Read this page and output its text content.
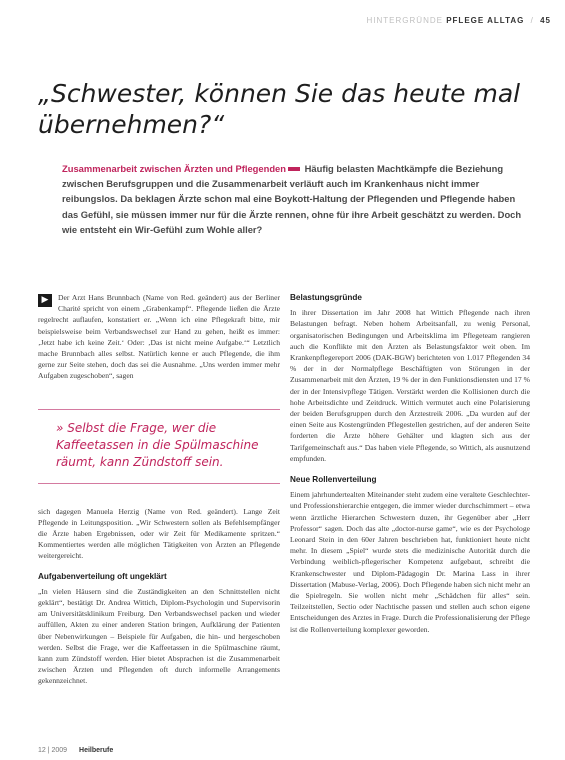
HINTERGRÜNDE PFLEGE ALLTAG / 45
„Schwester, können Sie das heute mal übernehmen?“

Zusammenarbeit zwischen Ärzten und Pflegenden Häufig belasten Machtkämpfe die Beziehung zwischen Berufsgruppen und die Zusammenarbeit verläuft auch im Krankenhaus nicht immer reibungslos. Da beklagen Ärzte schon mal eine Boykott-Haltung der Pflegenden und Pflegende haben das Gefühl, sie müssen immer nur für die Ärzte rennen, ohne für ihre Arbeit geschätzt zu werden. Doch wie entsteht ein Wir-Gefühl zum Wohle aller?

▶	Der Arzt Hans Brunnbach (Name von Red. geändert) aus der Berliner Charité spricht von einem „Grabenkampf“. Pflegende ließen die Ärzte regelrecht auflaufen, konstatiert er. „Wenn ich eine Pflegekraft bitte, mir beispielsweise beim Verbandswechsel zur Hand zu gehen, heißt es immer: ‚Jetzt habe ich keine Zeit.‘ Oder: ‚Das ist nicht meine Aufgabe.‘“ Letztlich mache Brunnbach alles selbst. Natürlich kenne er auch Pflegende, die ihm gerne zur Seite stehen, doch das sei die Ausnahme. „Uns werden immer mehr Aufgaben zugeschoben“, sagen

» Selbst die Frage, wer die Kaffeetassen in die Spülmaschine räumt, kann Zündstoff sein.

sich dagegen Manuela Herzig (Name von Red. geändert). Lange Zeit Pflegende in Leitungsposition. „Wir Schwestern sollen als Befehlsempfänger die Ärzte haben Ergebnissen, oder wir Zeit für Medikamente spritzen.“ Kommentiertes werden alle möglichen Tätigkeiten von Ärzten an Pflegende weitergereicht.

Aufgabenverteilung oft ungeklärt

„In vielen Häusern sind die Zuständigkeiten an den Schnittstellen nicht geklärt“, bestätigt Dr. Andrea Wittich, Diplom-Psychologin und Supervisorin am Universitätsklinikum Freiburg. Den Verbandswechsel packen und wieder auffüllen, Akten zu einer anderen Station bringen, Aufklärung der Patienten über Nebenwirkungen – Beispiele für Aufgaben, die hin- und hergeschoben werden. Selbst die Frage, wer die Kaffeetassen in die Spülmaschine räumt, kann zum Zündstoff werden. Hier bietet Absprachen ist die Zusammenarbeit zwischen Ärzten und Pflegenden oft durch informelle Arrangements gekennzeichnet.

Belastungsgründe

In ihrer Dissertation im Jahr 2008 hat Wittich Pflegende nach ihren Belastungen befragt. Neben hohem Arbeitsanfall, zu wenig Personal, organisatorischen Bedingungen und Arbeitsklima im Pflegeteam rangieren auch die Konflikte mit den Ärzten als Belastungsfaktor weit oben. Im Krankenpflegereport 2006 (DAK-BGW) berichteten von 1.017 Pflegenden 34 % der in der Normalpflege Beschäftigten von Störungen in der Zusammenarbeit mit den Ärzten, 19 % der in den Funktionsdiensten und 17 % der in der Intensivpflege Tätigen. Verstärkt werden die Kollisionen durch die hohe Arbeitsdichte und Zeitdruck. Wittich vermutet auch eine Polarisierung der beiden Berufsgruppen durch den Ärztestreik 2006. „Da wurden auf der einen Seite aus Kostengründen Pflegestellen gestrichen, auf der anderen Seite forderten die Ärzte höhere Gehälter und klagten sich aus der Tarifgemeinschaft aus.“ Das haben viele Pflegende, so Wittich, als ausnutzend empfunden.

Neue Rollenverteilung

Einem jahrhundertealten Miteinander steht zudem eine veraltete Geschlechter- und Professionshierarchie entgegen, die immer wieder durchschimmert – etwa wenn ärztliche Hierarchen Schwestern duzen, ihr Gegenüber aber „Herr Professor“ sagen. Doch das alte „doctor-nurse game“, wie es der Psychologe Leonard Stein in den 60er Jahren beschrieben hat, funktioniert heute nicht mehr. In diesem „Spiel“ wurde stets die medizinische Autorität durch die Verbindung weiblich-pflegerischer Kompetenz aufgebaut, schreibt die Krankenschwester und Diplom-Pädagogin Dr. Marina Lass in ihrer Dissertation (Mabuse-Verlag, 2006). Doch Pflegende haben sich nicht mehr an die Spielregeln. Sie wollen nicht mehr „Schädchen für alles“ sein. Teilzeitstellen, Sectio oder Nachtische passen und stellen auch schon eigene Entscheidungen des Arztes in Frage. Durch die Professionalisierung der Pflege ist die Rollenverteilung komplexer geworden.

12 | 2009 Heilberufe
